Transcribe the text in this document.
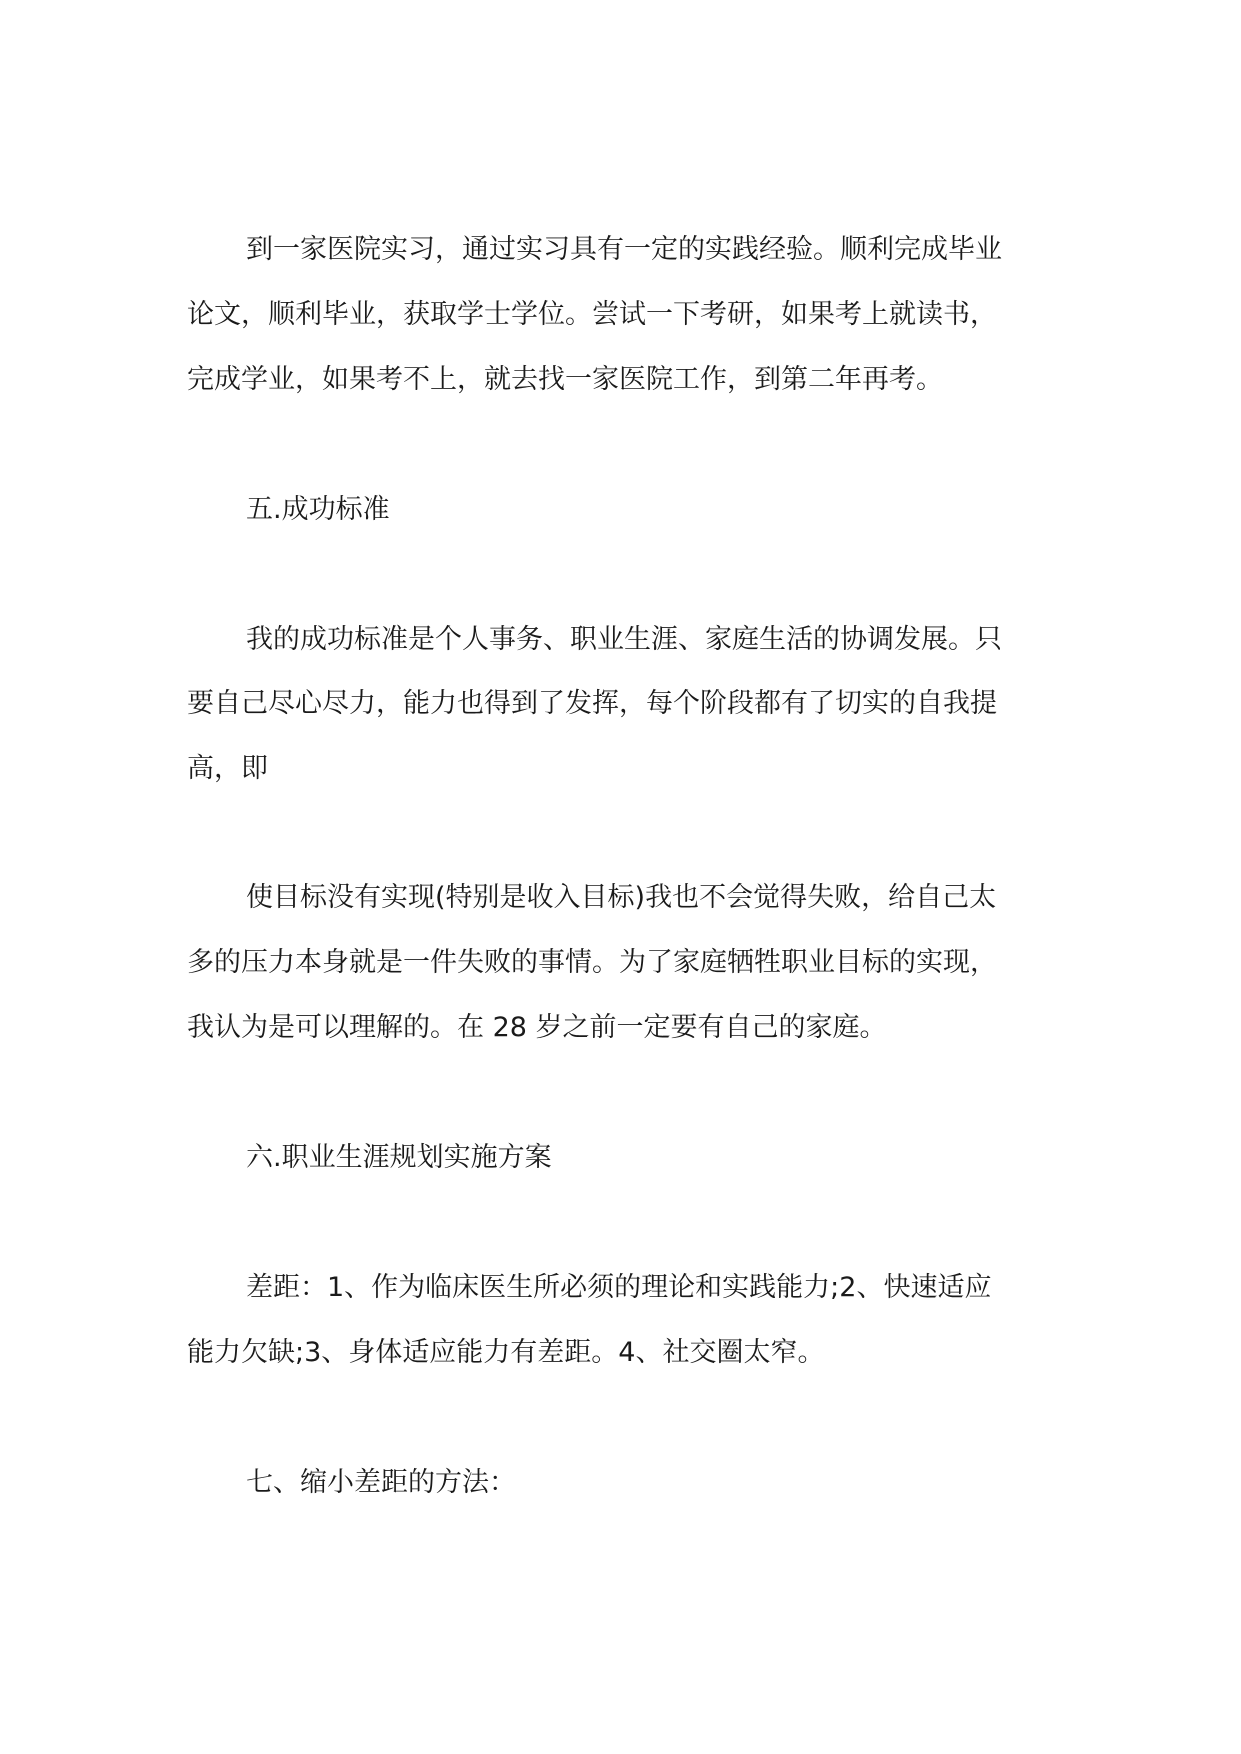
到一家医院实习，通过实习具有一定的实践经验。顺利完成毕业
论文，顺利毕业，获取学士学位。尝试一下考研，如果考上就读书，
完成学业，如果考不上，就去找一家医院工作，到第二年再考。
五.成功标准
我的成功标准是个人事务、职业生涯、家庭生活的协调发展。只
要自己尽心尽力，能力也得到了发挥，每个阶段都有了切实的自我提
高，即
使目标没有实现(特别是收入目标)我也不会觉得失败，给自己太
多的压力本身就是一件失败的事情。为了家庭牺牲职业目标的实现，
我认为是可以理解的。在 28 岁之前一定要有自己的家庭。
六.职业生涯规划实施方案
差距：1、作为临床医生所必须的理论和实践能力;2、快速适应
能力欠缺;3、身体适应能力有差距。4、社交圈太窄。
七、缩小差距的方法：
